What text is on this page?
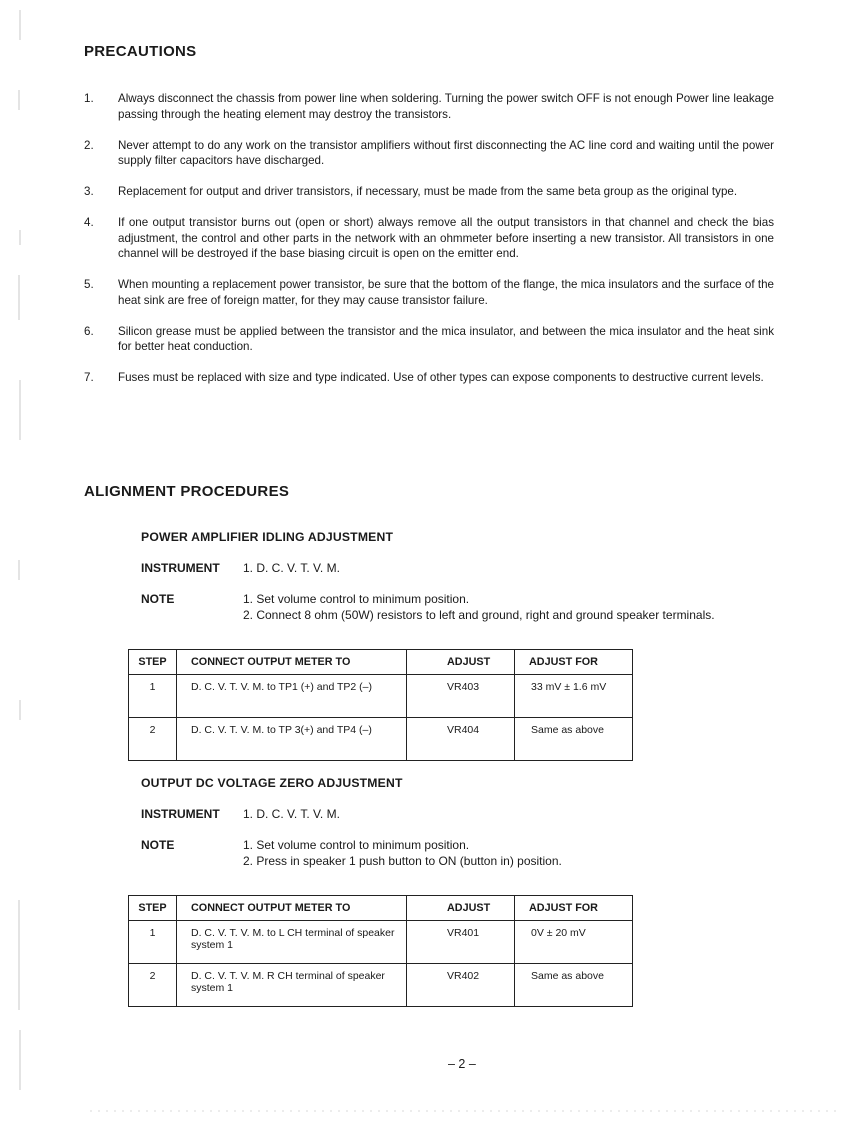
PRECAUTIONS
1.	Always disconnect the chassis from power line when soldering. Turning the power switch OFF is not enough Power line leakage passing through the heating element may destroy the transistors.
2.	Never attempt to do any work on the transistor amplifiers without first disconnecting the AC line cord and waiting until the power supply filter capacitors have discharged.
3.	Replacement for output and driver transistors, if necessary, must be made from the same beta group as the original type.
4.	If one output transistor burns out (open or short) always remove all the output transistors in that channel and check the bias adjustment, the control and other parts in the network with an ohmmeter before inserting a new transistor. All transistors in one channel will be destroyed if the base biasing circuit is open on the emitter end.
5.	When mounting a replacement power transistor, be sure that the bottom of the flange, the mica insulators and the surface of the heat sink are free of foreign matter, for they may cause transistor failure.
6.	Silicon grease must be applied between the transistor and the mica insulator, and between the mica insulator and the heat sink for better heat conduction.
7.	Fuses must be replaced with size and type indicated. Use of other types can expose components to destructive current levels.
ALIGNMENT PROCEDURES
POWER AMPLIFIER IDLING ADJUSTMENT
INSTRUMENT 1. D. C. V. T. V. M.
NOTE	1. Set volume control to minimum position.
2. Connect 8 ohm (50W) resistors to left and ground, right and ground speaker terminals.
STEP	CONNECT OUTPUT METER TO	ADJUST	ADJUST FOR
1	D. C. V. T. V. M. to TP1 (+) and TP2 (–)	VR403	33 mV ± 1.6 mV
2	D. C. V. T. V. M. to TP 3(+) and TP4 (–)	VR404	Same as above
OUTPUT DC VOLTAGE ZERO ADJUSTMENT
INSTRUMENT 1. D. C. V. T. V. M.
NOTE	1. Set volume control to minimum position.
2. Press in speaker 1 push button to ON (button in) position.
STEP	CONNECT OUTPUT METER TO	ADJUST	ADJUST FOR
1	D. C. V. T. V. M. to L CH terminal of speaker system 1	VR401	0V ± 20 mV
2	D. C. V. T. V. M. R CH terminal of speaker system 1	VR402	Same as above
– 2 –
